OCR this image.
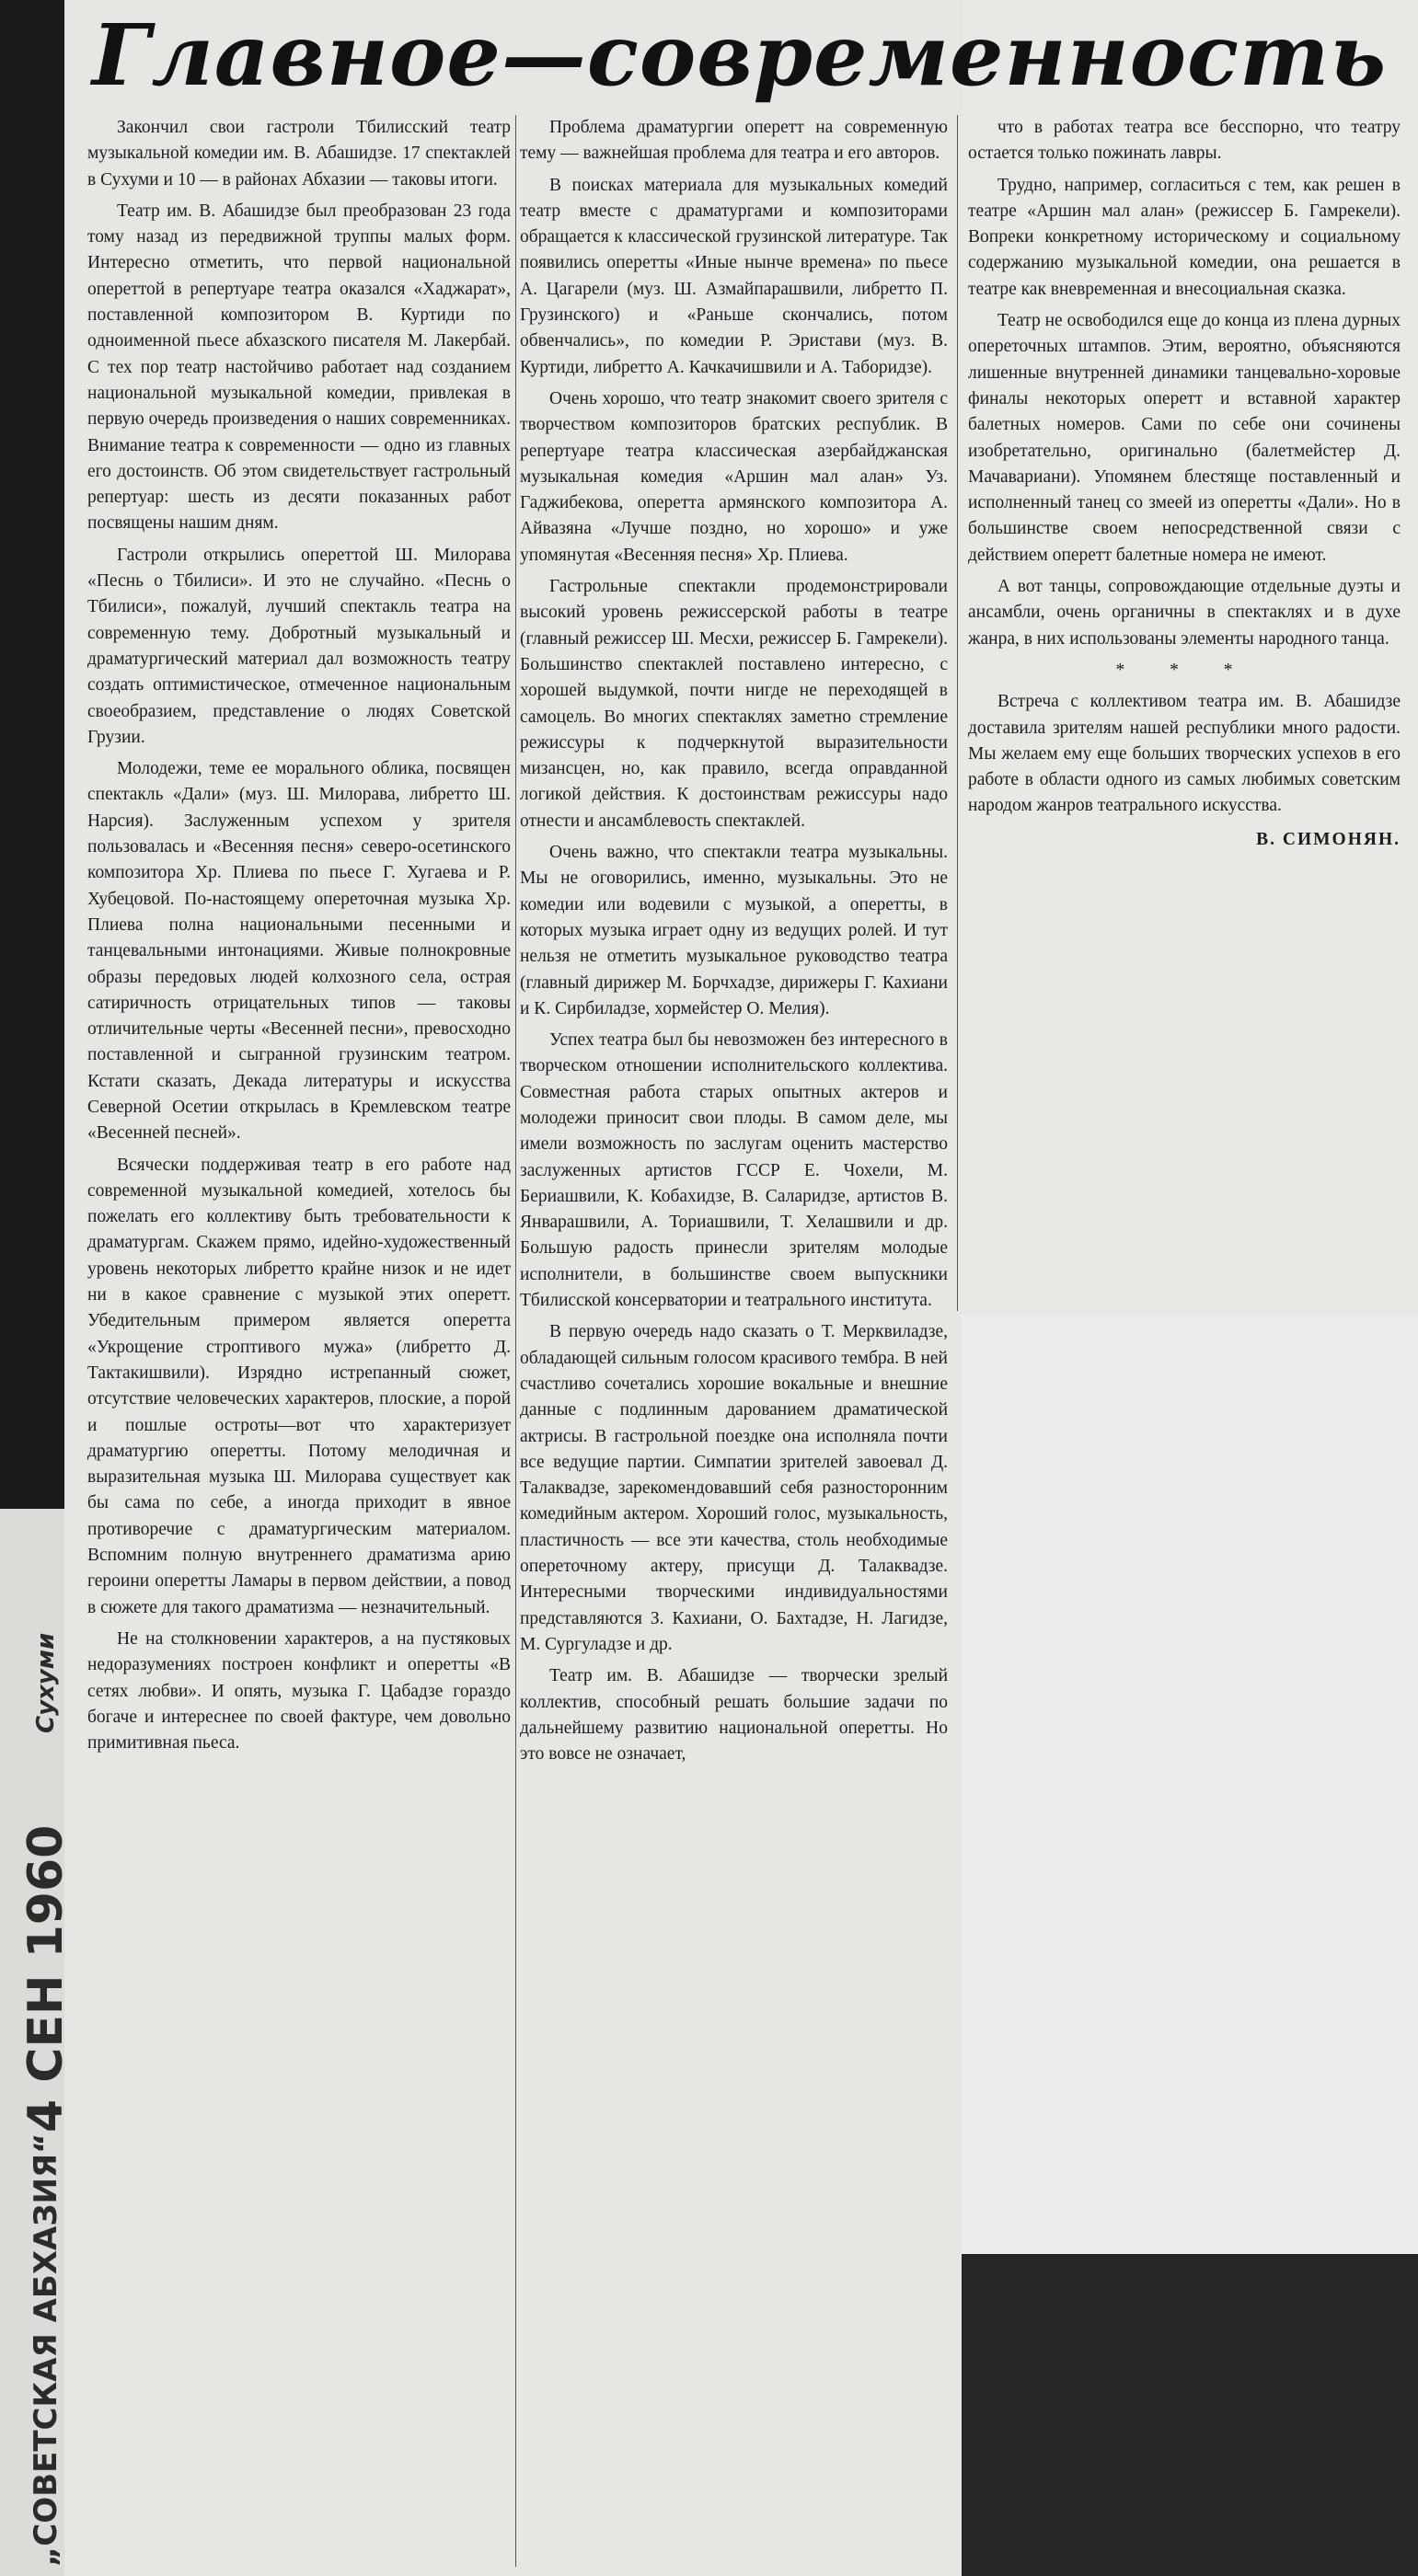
Главное—современность

Закончил свои гастроли Тбилисский театр музыкальной комедии им. В. Абашидзе. 17 спектаклей в Сухуми и 10 — в районах Абхазии — таковы итоги.

Театр им. В. Абашидзе был преобразован 23 года тому назад из передвижной труппы малых форм. Интересно отметить, что первой национальной опереттой в репертуаре театра оказался «Хаджарат», поставленной композитором В. Куртиди по одноименной пьесе абхазского писателя М. Лакербай. С тех пор театр настойчиво работает над созданием национальной музыкальной комедии, привлекая в первую очередь произведения о наших современниках. Внимание театра к современности — одно из главных его достоинств. Об этом свидетельствует гастрольный репертуар: шесть из десяти показанных работ посвящены нашим дням.

Гастроли открылись опереттой Ш. Милорава «Песнь о Тбилиси». И это не случайно. «Песнь о Тбилиси», пожалуй, лучший спектакль театра на современную тему. Добротный музыкальный и драматургический материал дал возможность театру создать оптимистическое, отмеченное национальным своеобразием, представление о людях Советской Грузии.

Молодежи, теме ее морального облика, посвящен спектакль «Дали» (муз. Ш. Милорава, либретто Ш. Нарсия). Заслуженным успехом у зрителя пользовалась и «Весенняя песня» северо-осетинского композитора Хр. Плиева по пьесе Г. Хугаева и Р. Хубецовой. По-настоящему опереточная музыка Хр. Плиева полна национальными песенными и танцевальными интонациями. Живые полнокровные образы передовых людей колхозного села, острая сатиричность отрицательных типов — таковы отличительные черты «Весенней песни», превосходно поставленной и сыгранной грузинским театром. Кстати сказать, Декада литературы и искусства Северной Осетии открылась в Кремлевском театре «Весенней песней».

Всячески поддерживая театр в его работе над современной музыкальной комедией, хотелось бы пожелать его коллективу быть требовательности к драматургам. Скажем прямо, идейно-художественный уровень некоторых либретто крайне низок и не идет ни в какое сравнение с музыкой этих оперетт. Убедительным примером является оперетта «Укрощение строптивого мужа» (либретто Д. Тактакишвили). Изрядно истрепанный сюжет, отсутствие человеческих характеров, плоские, а порой и пошлые остроты—вот что характеризует драматургию оперетты. Потому мелодичная и выразительная музыка Ш. Милорава существует как бы сама по себе, а иногда приходит в явное противоречие с драматургическим материалом. Вспомним полную внутреннего драматизма арию героини оперетты Ламары в первом действии, а повод в сюжете для такого драматизма — незначительный.

Не на столкновении характеров, а на пустяковых недоразумениях построен конфликт и оперетты «В сетях любви». И опять, музыка Г. Цабадзе гораздо богаче и интереснее по своей фактуре, чем довольно примитивная пьеса.

Проблема драматургии оперетт на современную тему — важнейшая проблема для театра и его авторов.

В поисках материала для музыкальных комедий театр вместе с драматургами и композиторами обращается к классической грузинской литературе. Так появились оперетты «Иные нынче времена» по пьесе А. Цагарели (муз. Ш. Азмайпарашвили, либретто П. Грузинского) и «Раньше скончались, потом обвенчались», по комедии Р. Эристави (муз. В. Куртиди, либретто А. Качкачишвили и А. Таборидзе).

Очень хорошо, что театр знакомит своего зрителя с творчеством композиторов братских республик. В репертуаре театра классическая азербайджанская музыкальная комедия «Аршин мал алан» Уз. Гаджибекова, оперетта армянского композитора А. Айвазяна «Лучше поздно, но хорошо» и уже упомянутая «Весенняя песня» Хр. Плиева.

Гастрольные спектакли продемонстрировали высокий уровень режиссерской работы в театре (главный режиссер Ш. Месхи, режиссер Б. Гамрекели). Большинство спектаклей поставлено интересно, с хорошей выдумкой, почти нигде не переходящей в самоцель. Во многих спектаклях заметно стремление режиссуры к подчеркнутой выразительности мизансцен, но, как правило, всегда оправданной логикой действия. К достоинствам режиссуры надо отнести и ансамблевость спектаклей.

Очень важно, что спектакли театра музыкальны. Мы не оговорились, именно, музыкальны. Это не комедии или водевили с музыкой, а оперетты, в которых музыка играет одну из ведущих ролей. И тут нельзя не отметить музыкальное руководство театра (главный дирижер М. Борчхадзе, дирижеры Г. Кахиани и К. Сирбиладзе, хормейстер О. Мелия).

Успех театра был бы невозможен без интересного в творческом отношении исполнительского коллектива. Совместная работа старых опытных актеров и молодежи приносит свои плоды. В самом деле, мы имели возможность по заслугам оценить мастерство заслуженных артистов ГССР Е. Чохели, М. Бериашвили, К. Кобахидзе, В. Саларидзе, артистов В. Январашвили, А. Ториашвили, Т. Хелашвили и др. Большую радость принесли зрителям молодые исполнители, в большинстве своем выпускники Тбилисской консерватории и театрального института.

В первую очередь надо сказать о Т. Мерквиладзе, обладающей сильным голосом красивого тембра. В ней счастливо сочетались хорошие вокальные и внешние данные с подлинным дарованием драматической актрисы. В гастрольной поездке она исполняла почти все ведущие партии. Симпатии зрителей завоевал Д. Талаквадзе, зарекомендовавший себя разносторонним комедийным актером. Хороший голос, музыкальность, пластичность — все эти качества, столь необходимые опереточному актеру, присущи Д. Талаквадзе. Интересными творческими индивидуальностями представляются З. Кахиани, О. Бахтадзе, Н. Лагидзе, М. Сургуладзе и др.

Театр им. В. Абашидзе — творчески зрелый коллектив, способный решать большие задачи по дальнейшему развитию национальной оперетты. Но это вовсе не означает,

что в работах театра все бесспорно, что театру остается только пожинать лавры.

Трудно, например, согласиться с тем, как решен в театре «Аршин мал алан» (режиссер Б. Гамрекели). Вопреки конкретному историческому и социальному содержанию музыкальной комедии, она решается в театре как вневременная и внесоциальная сказка.

Театр не освободился еще до конца из плена дурных опереточных штампов. Этим, вероятно, объясняются лишенные внутренней динамики танцевально-хоровые финалы некоторых оперетт и вставной характер балетных номеров. Сами по себе они сочинены изобретательно, оригинально (балетмейстер Д. Мачавариани). Упомянем блестяще поставленный и исполненный танец со змеей из оперетты «Дали». Но в большинстве своем непосредственной связи с действием оперетт балетные номера не имеют.

А вот танцы, сопровождающие отдельные дуэты и ансамбли, очень органичны в спектаклях и в духе жанра, в них использованы элементы народного танца.

* * *

Встреча с коллективом театра им. В. Абашидзе доставила зрителям нашей республики много радости. Мы желаем ему еще больших творческих успехов в его работе в области одного из самых любимых советским народом жанров театрального искусства.

В. СИМОНЯН.

„СОВЕТСКАЯ АБХАЗИЯ“
4 СЕН 1960
Сухуми
